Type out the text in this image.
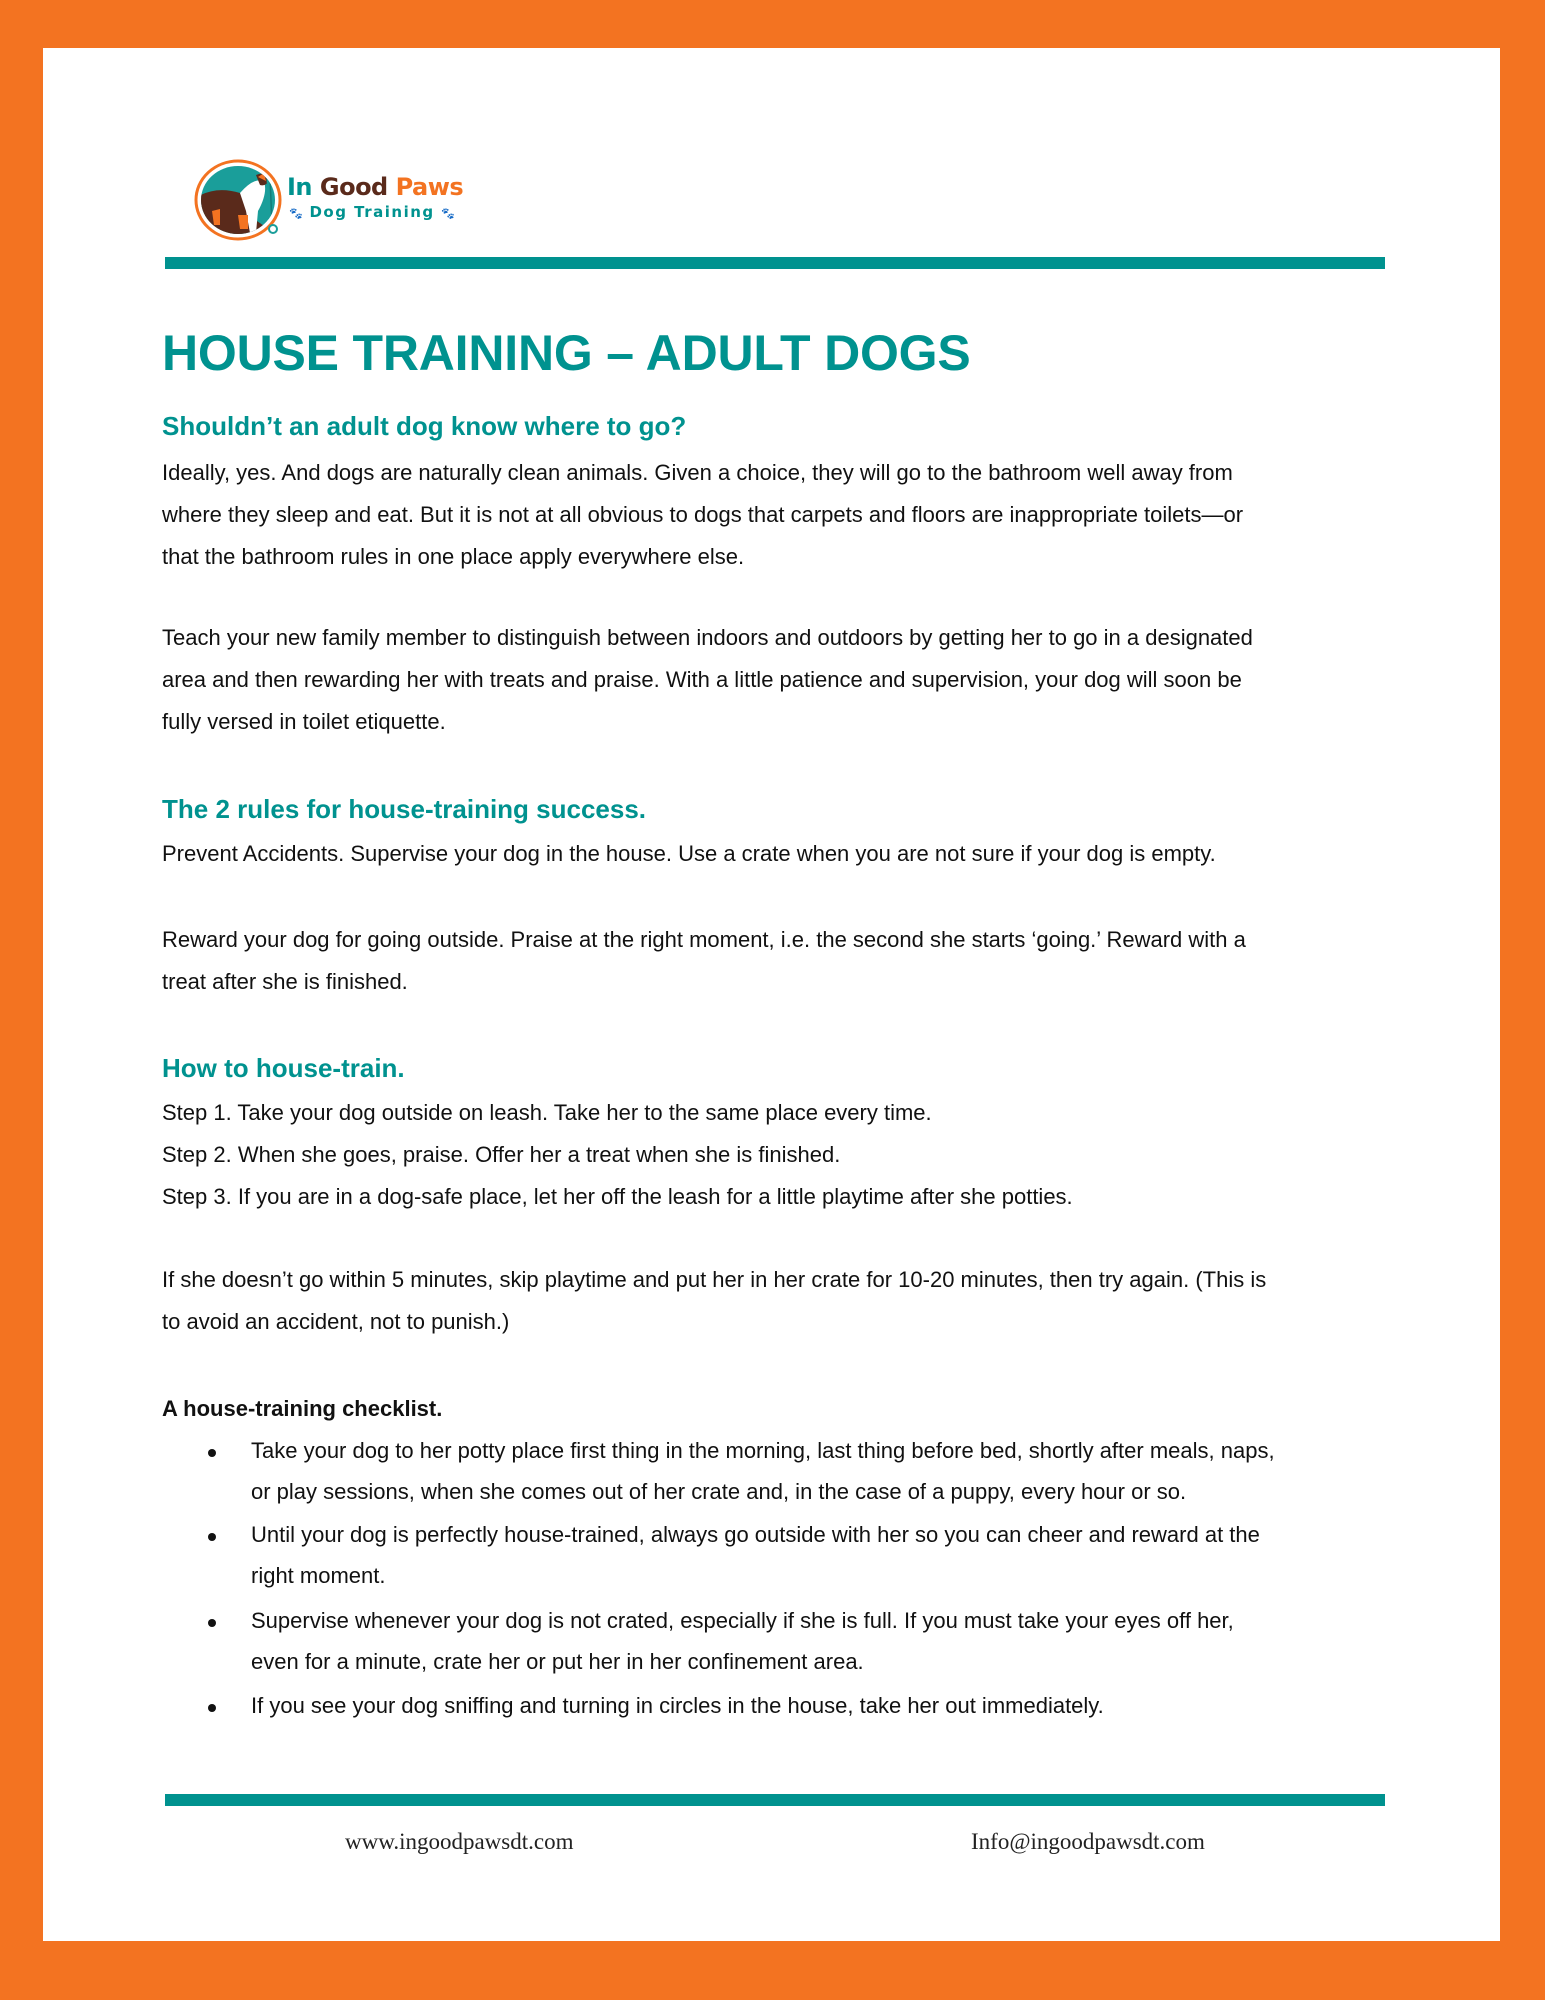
In Good Paws
🐾 Dog Training 🐾
HOUSE TRAINING – ADULT DOGS
Shouldn’t an adult dog know where to go?
Ideally, yes. And dogs are naturally clean animals. Given a choice, they will go to the bathroom well away from
where they sleep and eat. But it is not at all obvious to dogs that carpets and floors are inappropriate toilets—or
that the bathroom rules in one place apply everywhere else.
Teach your new family member to distinguish between indoors and outdoors by getting her to go in a designated
area and then rewarding her with treats and praise. With a little patience and supervision, your dog will soon be
fully versed in toilet etiquette.
The 2 rules for house-training success.
Prevent Accidents. Supervise your dog in the house. Use a crate when you are not sure if your dog is empty.
Reward your dog for going outside. Praise at the right moment, i.e. the second she starts ‘going.’ Reward with a
treat after she is finished.
How to house-train.
Step 1. Take your dog outside on leash. Take her to the same place every time.
Step 2. When she goes, praise. Offer her a treat when she is finished.
Step 3. If you are in a dog-safe place, let her off the leash for a little playtime after she potties.
If she doesn’t go within 5 minutes, skip playtime and put her in her crate for 10-20 minutes, then try again. (This is
to avoid an accident, not to punish.)
A house-training checklist.
Take your dog to her potty place first thing in the morning, last thing before bed, shortly after meals, naps,
or play sessions, when she comes out of her crate and, in the case of a puppy, every hour or so.
Until your dog is perfectly house-trained, always go outside with her so you can cheer and reward at the
right moment.
Supervise whenever your dog is not crated, especially if she is full. If you must take your eyes off her,
even for a minute, crate her or put her in her confinement area.
If you see your dog sniffing and turning in circles in the house, take her out immediately.
www.ingoodpawsdt.com	Info@ingoodpawsdt.com
